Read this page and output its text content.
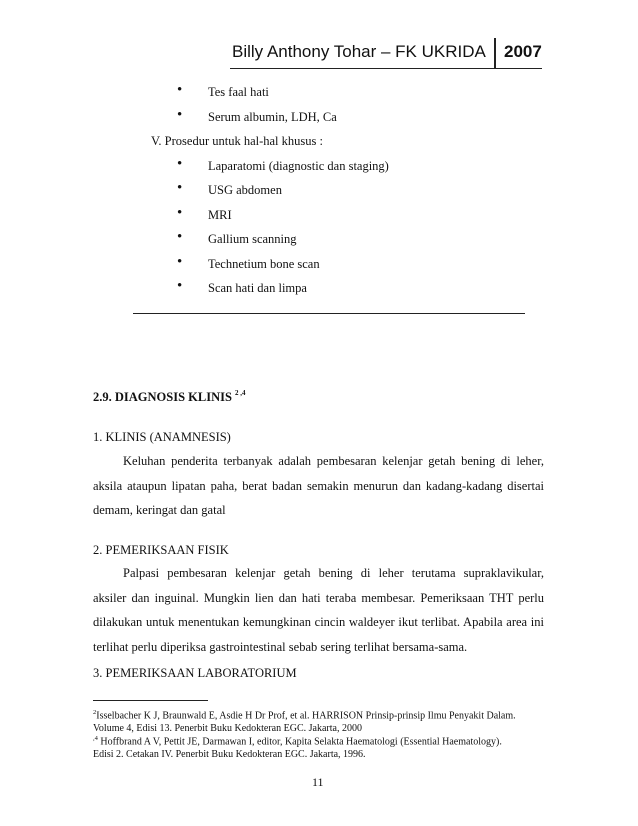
Billy Anthony Tohar – FK UKRIDA 2007
• Tes faal hati
• Serum albumin, LDH, Ca
V. Prosedur untuk hal-hal khusus :
• Laparatomi (diagnostic dan staging)
• USG abdomen
• MRI
• Gallium scanning
• Technetium bone scan
• Scan hati dan limpa
2.9. DIAGNOSIS KLINIS $^{2 ,4}$
1. KLINIS (ANAMNESIS)
Keluhan penderita terbanyak adalah pembesaran kelenjar getah bening di leher,
aksila ataupun lipatan paha, berat badan semakin menurun dan kadang-kadang disertai
demam, keringat dan gatal
2. PEMERIKSAAN FISIK
Palpasi pembesaran kelenjar getah bening di leher terutama supraklavikular,
aksiler dan inguinal. Mungkin lien dan hati teraba membesar. Pemeriksaan THT perlu
dilakukan untuk menentukan kemungkinan cincin waldeyer ikut terlibat. Apabila area ini
terlihat perlu diperiksa gastrointestinal sebab sering terlihat bersama-sama.
3. PEMERIKSAAN LABORATORIUM
$^2$Isselbacher K J, Braunwald E, Asdie H Dr Prof, et al. HARRISON Prinsip-prinsip Ilmu Penyakit Dalam.
Volume 4, Edisi 13. Penerbit Buku Kedokteran EGC. Jakarta, 2000
$^{,4}$ Hoffbrand A V, Pettit JE, Darmawan I, editor, Kapita Selakta Haematologi (Essential Haematology).
Edisi 2. Cetakan IV. Penerbit Buku Kedokteran EGC. Jakarta, 1996.
11
